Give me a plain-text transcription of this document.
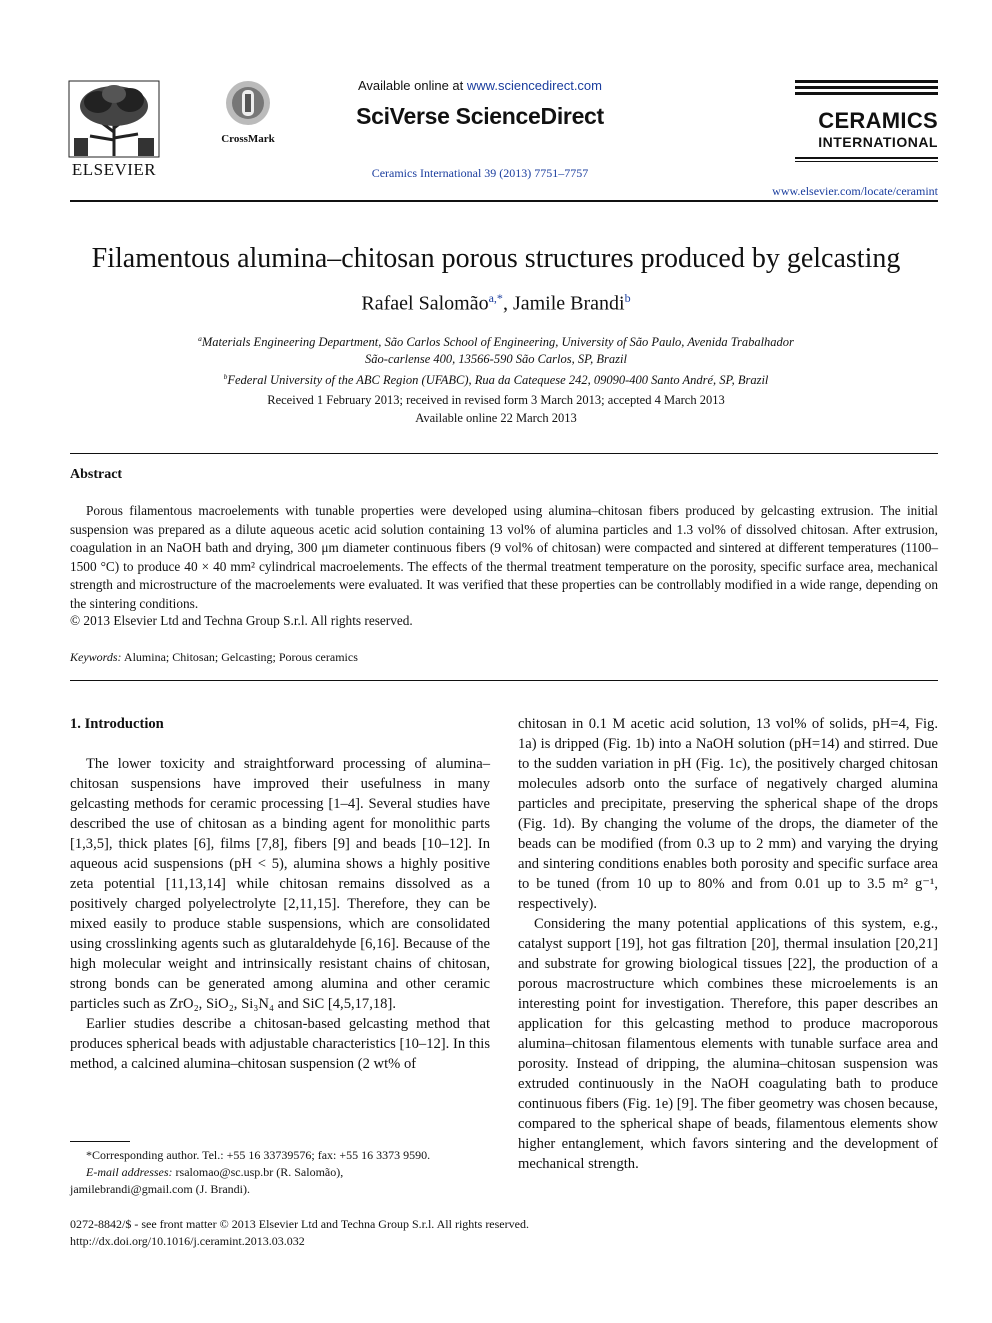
ELSEVIER
CrossMark
Available online at www.sciencedirect.com
SciVerse ScienceDirect
Ceramics International 39 (2013) 7751–7757
CERAMICS
INTERNATIONAL
www.elsevier.com/locate/ceramint
Filamentous alumina–chitosan porous structures produced by gelcasting
Rafael Salomão$^{a,*}$, Jamile Brandi$^b$
$^a$Materials Engineering Department, São Carlos School of Engineering, University of São Paulo, Avenida Trabalhador
São-carlense 400, 13566-590 São Carlos, SP, Brazil
$^b$Federal University of the ABC Region (UFABC), Rua da Catequese 242, 09090-400 Santo André, SP, Brazil
Received 1 February 2013; received in revised form 3 March 2013; accepted 4 March 2013
Available online 22 March 2013
Abstract

Porous filamentous macroelements with tunable properties were developed using alumina–chitosan fibers produced by gelcasting extrusion. The initial suspension was prepared as a dilute aqueous acetic acid solution containing 13 vol% of alumina particles and 1.3 vol% of dissolved chitosan. After extrusion, coagulation in an NaOH bath and drying, 300 μm diameter continuous fibers (9 vol% of chitosan) were compacted and sintered at different temperatures (1100–1500 °C) to produce 40 × 40 mm² cylindrical macroelements. The effects of the thermal treatment temperature on the porosity, specific surface area, mechanical strength and microstructure of the macroelements were evaluated. It was verified that these properties can be controllably modified in a wide range, depending on the sintering conditions.

© 2013 Elsevier Ltd and Techna Group S.r.l. All rights reserved.
Keywords: Alumina; Chitosan; Gelcasting; Porous ceramics
1. Introduction

The lower toxicity and straightforward processing of alumina–chitosan suspensions have improved their usefulness in many gelcasting methods for ceramic processing [1–4]. Several studies have described the use of chitosan as a binding agent for monolithic parts [1,3,5], thick plates [6], films [7,8], fibers [9] and beads [10–12]. In aqueous acid suspensions (pH < 5), alumina shows a highly positive zeta potential [11,13,14] while chitosan remains dissolved as a positively charged polyelectrolyte [2,11,15]. Therefore, they can be mixed easily to produce stable suspensions, which are consolidated using crosslinking agents such as glutaraldehyde [6,16]. Because of the high molecular weight and intrinsically resistant chains of chitosan, strong bonds can be generated among alumina and other ceramic particles such as ZrO₂, SiO₂, Si₃N₄ and SiC [4,5,17,18].

Earlier studies describe a chitosan-based gelcasting method that produces spherical beads with adjustable characteristics [10–12]. In this method, a calcined alumina–chitosan suspension (2 wt% of

chitosan in 0.1 M acetic acid solution, 13 vol% of solids, pH=4, Fig. 1a) is dripped (Fig. 1b) into a NaOH solution (pH=14) and stirred. Due to the sudden variation in pH (Fig. 1c), the positively charged chitosan molecules adsorb onto the surface of negatively charged alumina particles and precipitate, preserving the spherical shape of the drops (Fig. 1d). By changing the volume of the drops, the diameter of the beads can be modified (from 0.3 up to 2 mm) and varying the drying and sintering conditions enables both porosity and specific surface area to be tuned (from 10 up to 80% and from 0.01 up to 3.5 m² g⁻¹, respectively).

Considering the many potential applications of this system, e.g., catalyst support [19], hot gas filtration [20], thermal insulation [20,21] and substrate for growing biological tissues [22], the production of a porous macrostructure which combines these microelements is an interesting point for investigation. Therefore, this paper describes an application for this gelcasting method to produce macroporous alumina–chitosan filamentous elements with tunable surface area and porosity. Instead of dripping, the alumina–chitosan suspension was extruded continuously in the NaOH coagulating bath to produce continuous fibers (Fig. 1e) [9]. The fiber geometry was chosen because, compared to the spherical shape of beads, filamentous elements show higher entanglement, which favors sintering and the development of mechanical strength.

*Corresponding author. Tel.: +55 16 33739576; fax: +55 16 3373 9590.
E-mail addresses: rsalomao@sc.usp.br (R. Salomão),
jamilebrandi@gmail.com (J. Brandi).
0272-8842/$ - see front matter © 2013 Elsevier Ltd and Techna Group S.r.l. All rights reserved.
http://dx.doi.org/10.1016/j.ceramint.2013.03.032
